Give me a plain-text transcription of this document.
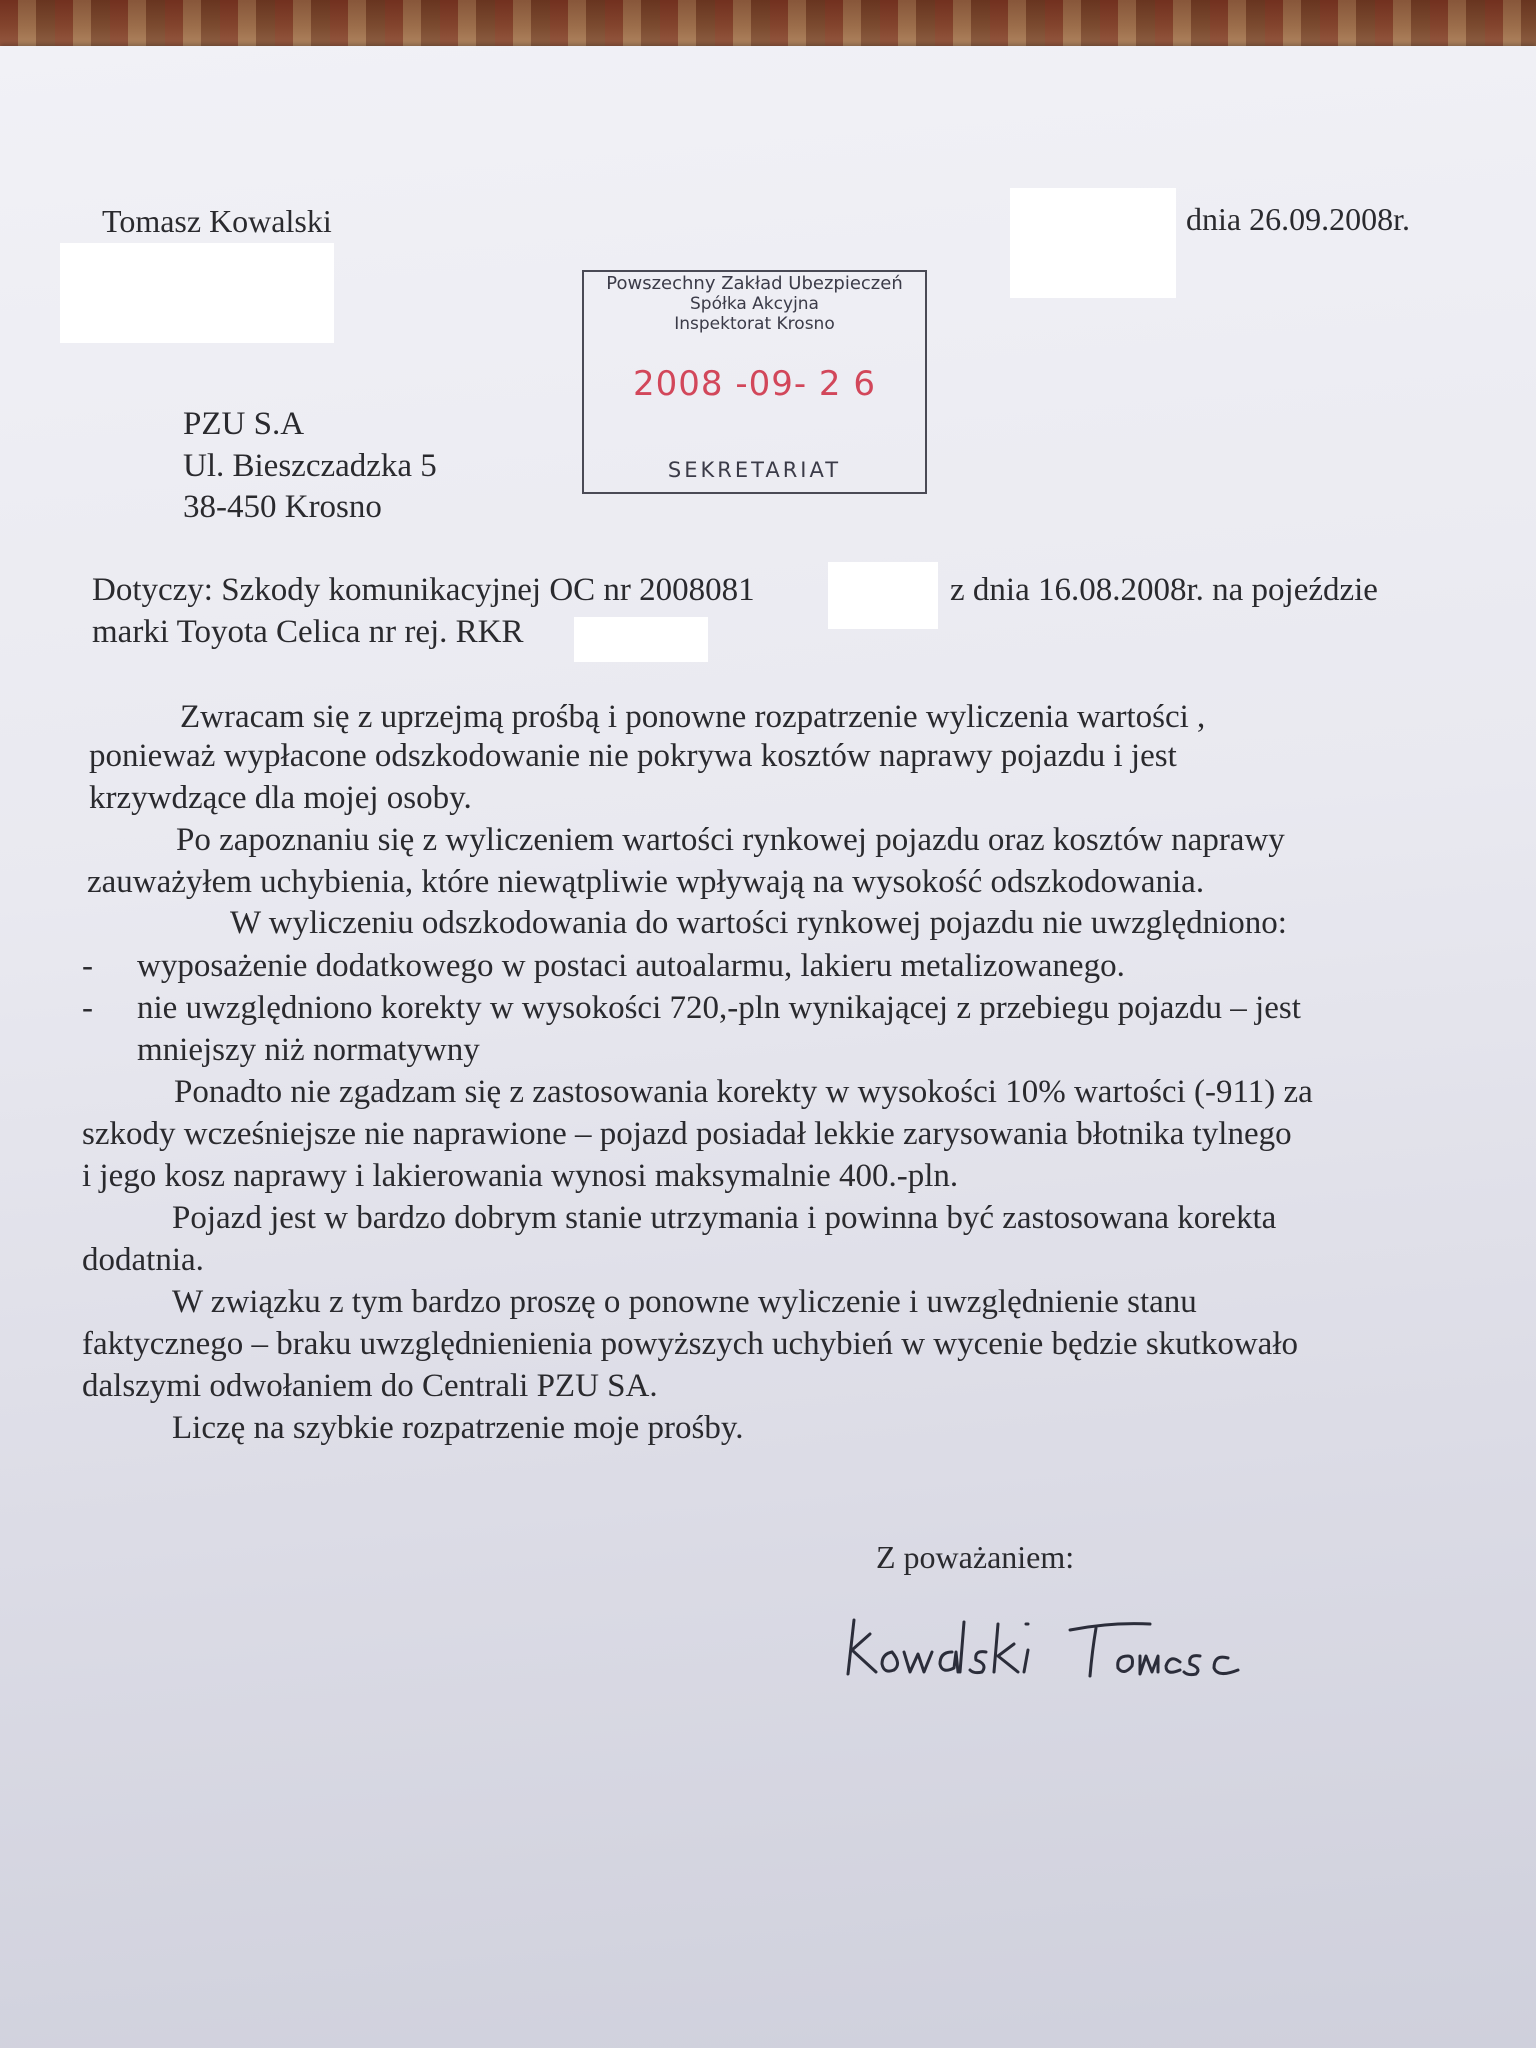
Tomasz Kowalski	dnia 26.09.2008r.
Powszechny Zakład Ubezpieczeń
Spółka Akcyjna
Inspektorat Krosno
2008 -09- 2 6
SEKRETARIAT
PZU S.A
Ul. Bieszczadzka 5
38-450 Krosno
Dotyczy: Szkody komunikacyjnej OC nr 2008081	z dnia 16.08.2008r. na pojeździe
marki Toyota Celica nr rej. RKR
Zwracam się z uprzejmą prośbą i ponowne rozpatrzenie wyliczenia wartości ,
ponieważ wypłacone odszkodowanie nie pokrywa kosztów naprawy pojazdu i jest
krzywdzące dla mojej osoby.
Po zapoznaniu się z wyliczeniem wartości rynkowej pojazdu oraz kosztów naprawy
zauważyłem uchybienia, które niewątpliwie wpływają na wysokość odszkodowania.
W wyliczeniu odszkodowania do wartości rynkowej pojazdu nie uwzględniono:
- wyposażenie dodatkowego w postaci autoalarmu, lakieru metalizowanego.
- nie uwzględniono korekty w wysokości 720,-pln wynikającej z przebiegu pojazdu – jest
mniejszy niż normatywny
Ponadto nie zgadzam się z zastosowania korekty w wysokości 10% wartości (-911) za
szkody wcześniejsze nie naprawione – pojazd posiadał lekkie zarysowania błotnika tylnego
i jego kosz naprawy i lakierowania wynosi maksymalnie 400.-pln.
Pojazd jest w bardzo dobrym stanie utrzymania i powinna być zastosowana korekta
dodatnia.
W związku z tym bardzo proszę o ponowne wyliczenie i uwzględnienie stanu
faktycznego – braku uwzględnienienia powyższych uchybień w wycenie będzie skutkowało
dalszymi odwołaniem do Centrali PZU SA.
Liczę na szybkie rozpatrzenie moje prośby.
Z poważaniem:
